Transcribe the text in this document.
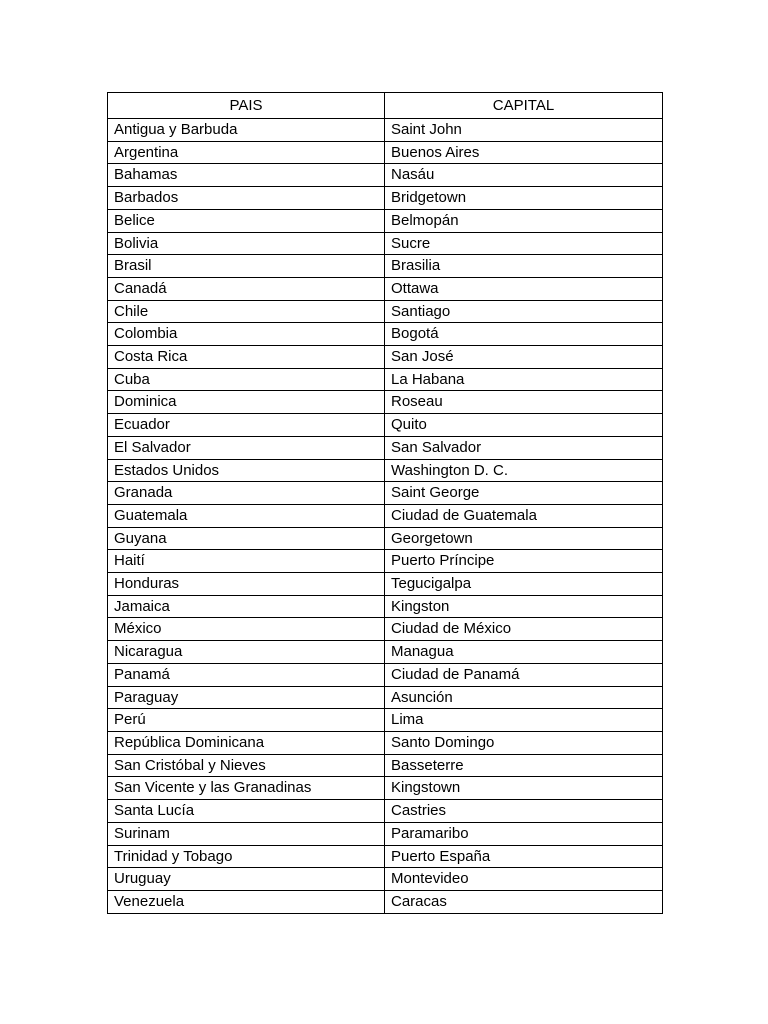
PAIS	CAPITAL
Antigua y Barbuda	Saint John
Argentina	Buenos Aires
Bahamas	Nasáu
Barbados	Bridgetown
Belice	Belmopán
Bolivia	Sucre
Brasil	Brasilia
Canadá	Ottawa
Chile	Santiago
Colombia	Bogotá
Costa Rica	San José
Cuba	La Habana
Dominica	Roseau
Ecuador	Quito
El Salvador	San Salvador
Estados Unidos	Washington D. C.
Granada	Saint George
Guatemala	Ciudad de Guatemala
Guyana	Georgetown
Haití	Puerto Príncipe
Honduras	Tegucigalpa
Jamaica	Kingston
México	Ciudad de México
Nicaragua	Managua
Panamá	Ciudad de Panamá
Paraguay	Asunción
Perú	Lima
República Dominicana	Santo Domingo
San Cristóbal y Nieves	Basseterre
San Vicente y las Granadinas	Kingstown
Santa Lucía	Castries
Surinam	Paramaribo
Trinidad y Tobago	Puerto España
Uruguay	Montevideo
Venezuela	Caracas
